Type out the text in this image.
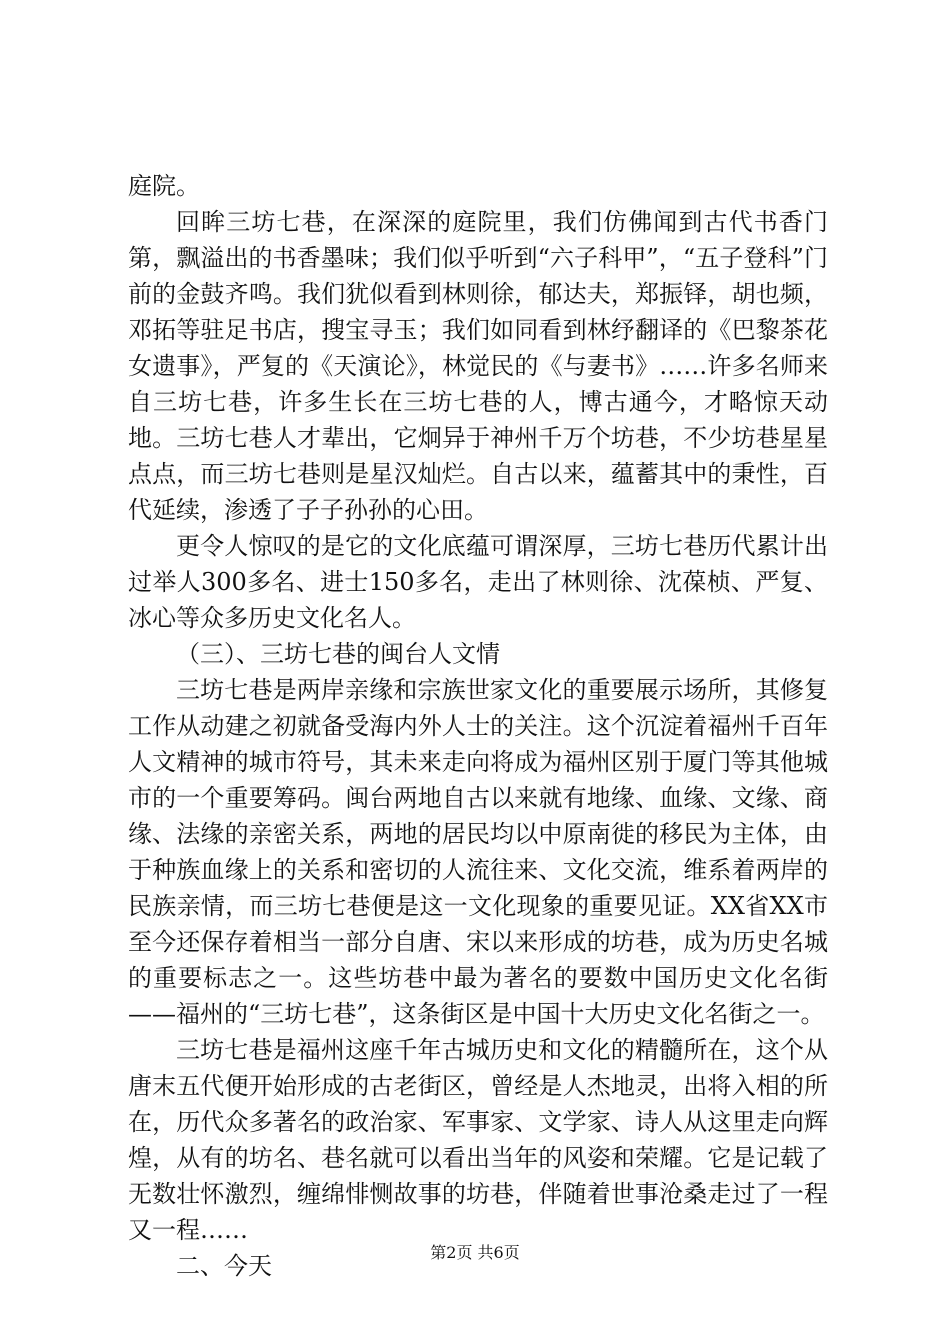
庭院。

回眸三坊七巷，在深深的庭院里，我们仿佛闻到古代书香门第，飘溢出的书香墨味；我们似乎听到“六子科甲”，“五子登科”门前的金鼓齐鸣。我们犹似看到林则徐，郁达夫，郑振铎，胡也频，邓拓等驻足书店，搜宝寻玉；我们如同看到林纾翻译的《巴黎茶花女遗事》，严复的《天演论》，林觉民的《与妻书》……许多名师来自三坊七巷，许多生长在三坊七巷的人，博古通今，才略惊天动地。三坊七巷人才辈出，它炯异于神州千万个坊巷，不少坊巷星星点点，而三坊七巷则是星汉灿烂。自古以来，蕴蓄其中的秉性，百代延续，渗透了子子孙孙的心田。

更令人惊叹的是它的文化底蕴可谓深厚，三坊七巷历代累计出过举人300多名、进士150多名，走出了林则徐、沈葆桢、严复、冰心等众多历史文化名人。

（三）、三坊七巷的闽台人文情

三坊七巷是两岸亲缘和宗族世家文化的重要展示场所，其修复工作从动建之初就备受海内外人士的关注。这个沉淀着福州千百年人文精神的城市符号，其未来走向将成为福州区别于厦门等其他城市的一个重要筹码。闽台两地自古以来就有地缘、血缘、文缘、商缘、法缘的亲密关系，两地的居民均以中原南徙的移民为主体，由于种族血缘上的关系和密切的人流往来、文化交流，维系着两岸的民族亲情，而三坊七巷便是这一文化现象的重要见证。XX省XX市至今还保存着相当一部分自唐、宋以来形成的坊巷，成为历史名城的重要标志之一。这些坊巷中最为著名的要数中国历史文化名街——福州的“三坊七巷”，这条街区是中国十大历史文化名街之一。

三坊七巷是福州这座千年古城历史和文化的精髓所在，这个从唐末五代便开始形成的古老街区，曾经是人杰地灵，出将入相的所在，历代众多著名的政治家、军事家、文学家、诗人从这里走向辉煌，从有的坊名、巷名就可以看出当年的风姿和荣耀。它是记载了无数壮怀激烈，缠绵悱恻故事的坊巷，伴随着世事沧桑走过了一程又一程……

二、今天	第2页 共6页
